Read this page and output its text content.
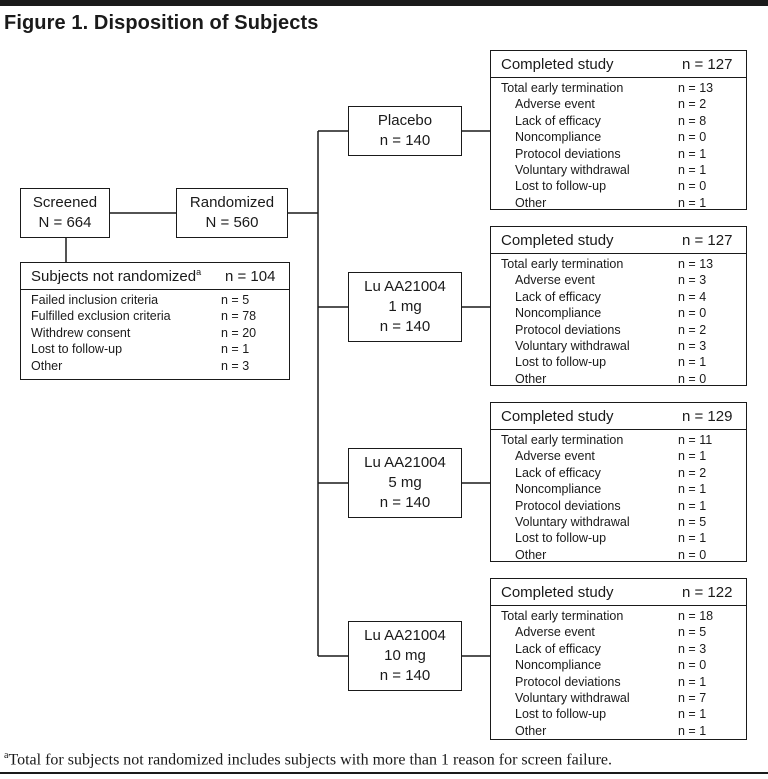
Figure 1. Disposition of Subjects
Screened
N = 664
Randomized
N = 560
Subjects not randomized$^a$ n = 104
Failed inclusion criteria	n = 5
Fulfilled exclusion criteria	n = 78
Withdrew consent	n = 20
Lost to follow-up	n = 1
Other	n = 3
Placebo
n = 140
Lu AA21004
1 mg
n = 140
Lu AA21004
5 mg
n = 140
Lu AA21004
10 mg
n = 140
Completed study	n = 127
Total early termination	n = 13
Adverse event	n = 2
Lack of efficacy	n = 8
Noncompliance	n = 0
Protocol deviations	n = 1
Voluntary withdrawal	n = 1
Lost to follow-up	n = 0
Other	n = 1
Completed study	n = 127
Total early termination	n = 13
Adverse event	n = 3
Lack of efficacy	n = 4
Noncompliance	n = 0
Protocol deviations	n = 2
Voluntary withdrawal	n = 3
Lost to follow-up	n = 1
Other	n = 0
Completed study	n = 129
Total early termination	n = 11
Adverse event	n = 1
Lack of efficacy	n = 2
Noncompliance	n = 1
Protocol deviations	n = 1
Voluntary withdrawal	n = 5
Lost to follow-up	n = 1
Other	n = 0
Completed study	n = 122
Total early termination	n = 18
Adverse event	n = 5
Lack of efficacy	n = 3
Noncompliance	n = 0
Protocol deviations	n = 1
Voluntary withdrawal	n = 7
Lost to follow-up	n = 1
Other	n = 1
$^a$Total for subjects not randomized includes subjects with more than 1 reason for screen failure.
